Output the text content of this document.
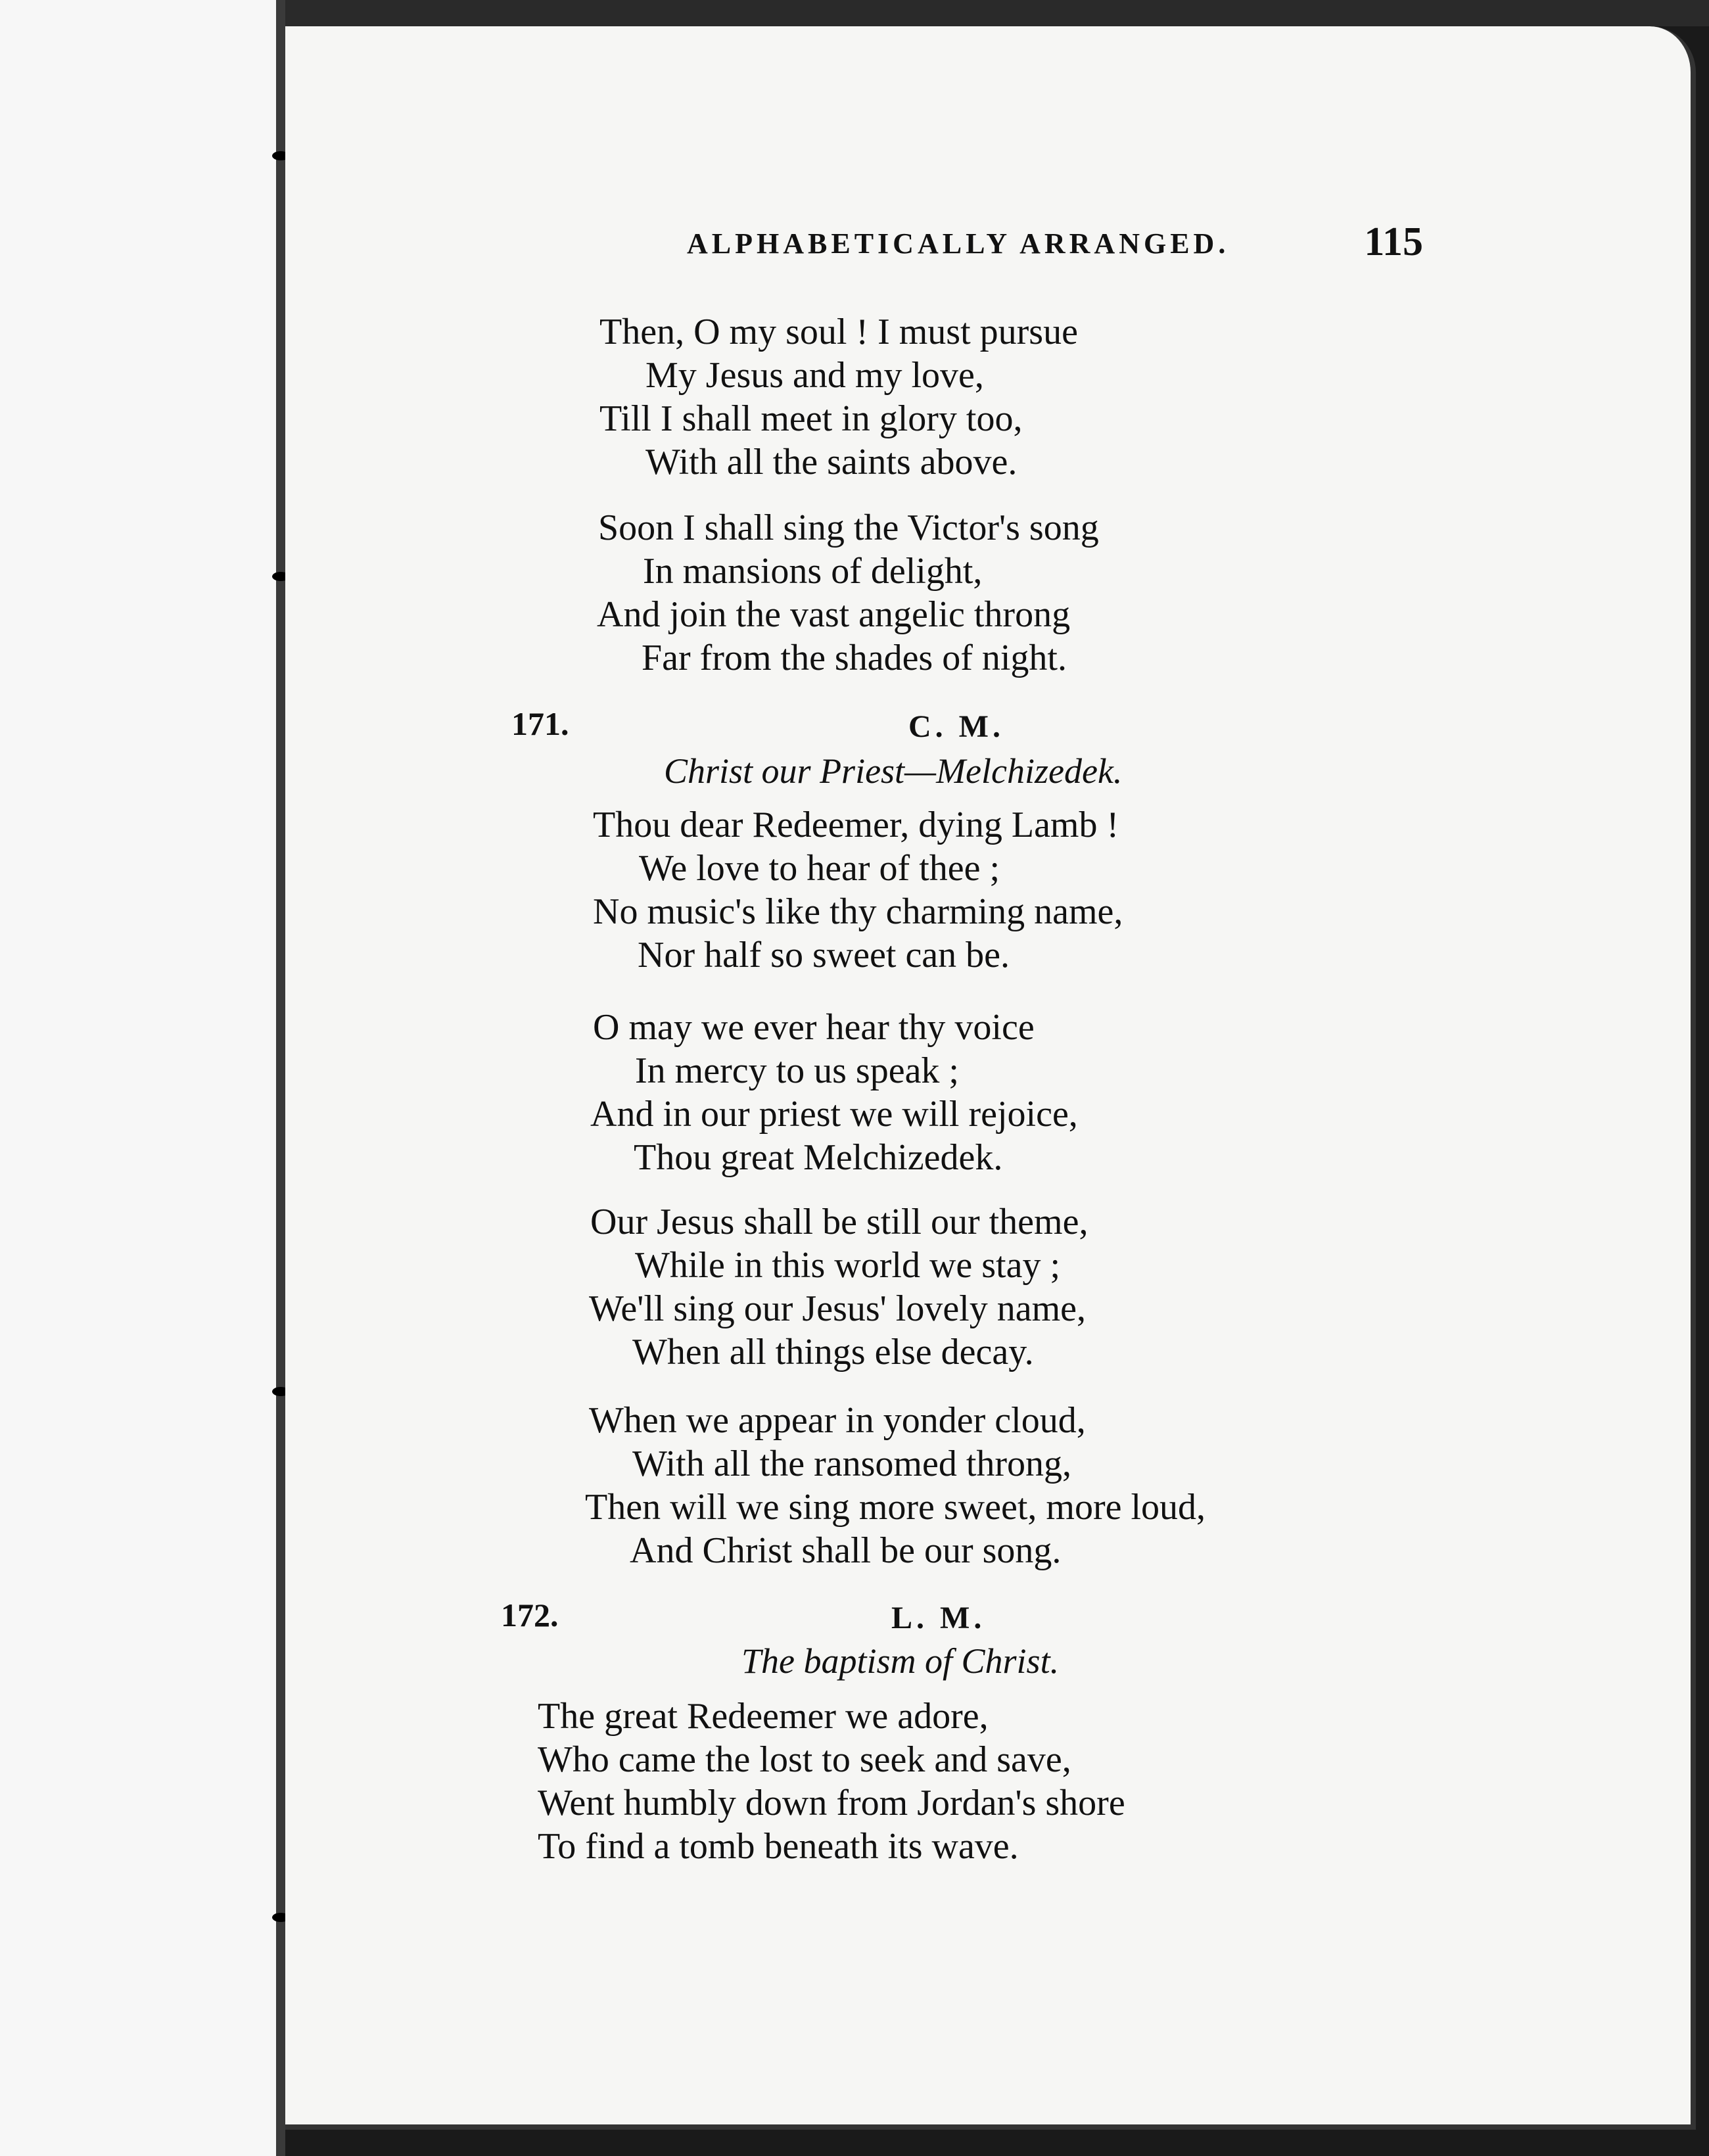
ALPHABETICALLY ARRANGED.	115
Then, O my soul ! I must pursue
My Jesus and my love,
Till I shall meet in glory too,
With all the saints above.
Soon I shall sing the Victor's song
In mansions of delight,
And join the vast angelic throng
Far from the shades of night.
171.	C. M.
Christ our Priest—Melchizedek.
Thou dear Redeemer, dying Lamb !
We love to hear of thee ;
No music's like thy charming name,
Nor half so sweet can be.
O may we ever hear thy voice
In mercy to us speak ;
And in our priest we will rejoice,
Thou great Melchizedek.
Our Jesus shall be still our theme,
While in this world we stay ;
We'll sing our Jesus' lovely name,
When all things else decay.
When we appear in yonder cloud,
With all the ransomed throng,
Then will we sing more sweet, more loud,
And Christ shall be our song.
172.	L. M.
The baptism of Christ.
The great Redeemer we adore,
Who came the lost to seek and save,
Went humbly down from Jordan's shore
To find a tomb beneath its wave.
